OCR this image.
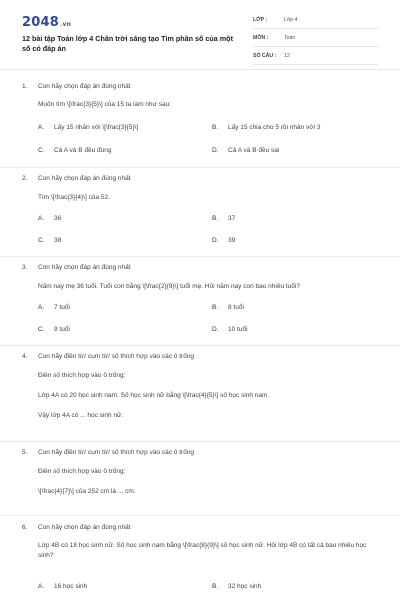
2048.vn
12 bài tập Toán lớp 4 Chân trời sáng tạo Tìm phân số của một số có đáp án
LỚP :	Lớp 4
MÔN :	Toán
SỐ CÂU : 12
1. Con hãy chọn đáp án đúng nhất
Muốn tìm \[\frac{3}{5}\] của 15 ta làm như sau:
A. Lấy 15 nhân với \[\frac{3}{5}\]	B. Lấy 15 chia cho 5 rồi nhân với 3
C. Cả A và B đều đúng	D. Cả A và B đều sai
2. Con hãy chọn đáp án đúng nhất
Tìm \[\frac{3}{4}\] của 52.
A. 36	B. 37
C. 38	D. 39
3. Con hãy chọn đáp án đúng nhất
Năm nay mẹ 36 tuổi. Tuổi con bằng \[\frac{2}{9}\] tuổi mẹ. Hỏi năm nay con bao nhiêu tuổi?
A. 7 tuổi	B. 8 tuổi
C. 9 tuổi	D. 10 tuổi
4. Con hãy điền từ/ cụm từ/ số thích hợp vào các ô trống
Điền số thích hợp vào ô trống:
Lớp 4A có 20 học sinh nam. Số học sinh nữ bằng \[\frac{4}{5}\] số học sinh nam.
Vậy lớp 4A có ... học sinh nữ.
5. Con hãy điền từ/ cụm từ/ số thích hợp vào các ô trống
Điền số thích hợp vào ô trống:
\[\frac{4}{7}\] của 252 cm là ... cm.
6. Con hãy chọn đáp án đúng nhất
Lớp 4B có 18 học sinh nữ. Số học sinh nam bằng \[\frac{8}{9}\] số học sinh nữ. Hỏi lớp 4B có tất cả bao nhiêu học sinh?
A. 16 học sinh	B. 32 học sinh
